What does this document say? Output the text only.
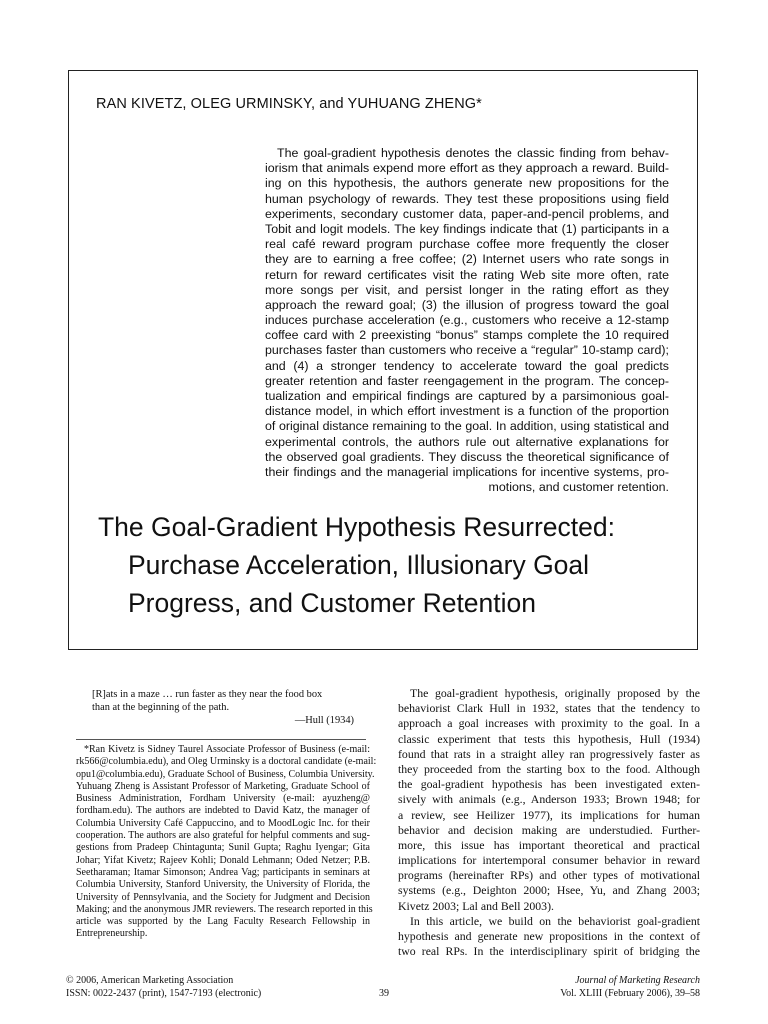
RAN KIVETZ, OLEG URMINSKY, and YUHUANG ZHENG*
The goal-gradient hypothesis denotes the classic finding from behav-
iorism that animals expend more effort as they approach a reward. Build-
ing on this hypothesis, the authors generate new propositions for the
human psychology of rewards. They test these propositions using field
experiments, secondary customer data, paper-and-pencil problems, and
Tobit and logit models. The key findings indicate that (1) participants in a
real café reward program purchase coffee more frequently the closer
they are to earning a free coffee; (2) Internet users who rate songs in
return for reward certificates visit the rating Web site more often, rate
more songs per visit, and persist longer in the rating effort as they
approach the reward goal; (3) the illusion of progress toward the goal
induces purchase acceleration (e.g., customers who receive a 12-stamp
coffee card with 2 preexisting “bonus” stamps complete the 10 required
purchases faster than customers who receive a “regular” 10-stamp card);
and (4) a stronger tendency to accelerate toward the goal predicts
greater retention and faster reengagement in the program. The concep-
tualization and empirical findings are captured by a parsimonious goal-
distance model, in which effort investment is a function of the proportion
of original distance remaining to the goal. In addition, using statistical and
experimental controls, the authors rule out alternative explanations for
the observed goal gradients. They discuss the theoretical significance of
their findings and the managerial implications for incentive systems, pro-
motions, and customer retention.
The Goal-Gradient Hypothesis Resurrected:
Purchase Acceleration, Illusionary Goal
Progress, and Customer Retention
[R]ats in a maze … run faster as they near the food box
than at the beginning of the path.
—Hull (1934)
*Ran Kivetz is Sidney Taurel Associate Professor of Business (e-mail:
rk566@columbia.edu), and Oleg Urminsky is a doctoral candidate (e-mail:
opu1@columbia.edu), Graduate School of Business, Columbia University.
Yuhuang Zheng is Assistant Professor of Marketing, Graduate School of
Business Administration, Fordham University (e-mail: ayuzheng@
fordham.edu). The authors are indebted to David Katz, the manager of
Columbia University Café Cappuccino, and to MoodLogic Inc. for their
cooperation. The authors are also grateful for helpful comments and sug-
gestions from Pradeep Chintagunta; Sunil Gupta; Raghu Iyengar; Gita
Johar; Yifat Kivetz; Rajeev Kohli; Donald Lehmann; Oded Netzer; P.B.
Seetharaman; Itamar Simonson; Andrea Vag; participants in seminars at
Columbia University, Stanford University, the University of Florida, the
University of Pennsylvania, and the Society for Judgment and Decision
Making; and the anonymous JMR reviewers. The research reported in this
article was supported by the Lang Faculty Research Fellowship in
Entrepreneurship.
The goal-gradient hypothesis, originally proposed by the
behaviorist Clark Hull in 1932, states that the tendency to
approach a goal increases with proximity to the goal. In a
classic experiment that tests this hypothesis, Hull (1934)
found that rats in a straight alley ran progressively faster as
they proceeded from the starting box to the food. Although
the goal-gradient hypothesis has been investigated exten-
sively with animals (e.g., Anderson 1933; Brown 1948; for
a review, see Heilizer 1977), its implications for human
behavior and decision making are understudied. Further-
more, this issue has important theoretical and practical
implications for intertemporal consumer behavior in reward
programs (hereinafter RPs) and other types of motivational
systems (e.g., Deighton 2000; Hsee, Yu, and Zhang 2003;
Kivetz 2003; Lal and Bell 2003).
In this article, we build on the behaviorist goal-gradient
hypothesis and generate new propositions in the context of
two real RPs. In the interdisciplinary spirit of bridging the
© 2006, American Marketing Association
ISSN: 0022-2437 (print), 1547-7193 (electronic)	39
Journal of Marketing Research
Vol. XLIII (February 2006), 39–58
